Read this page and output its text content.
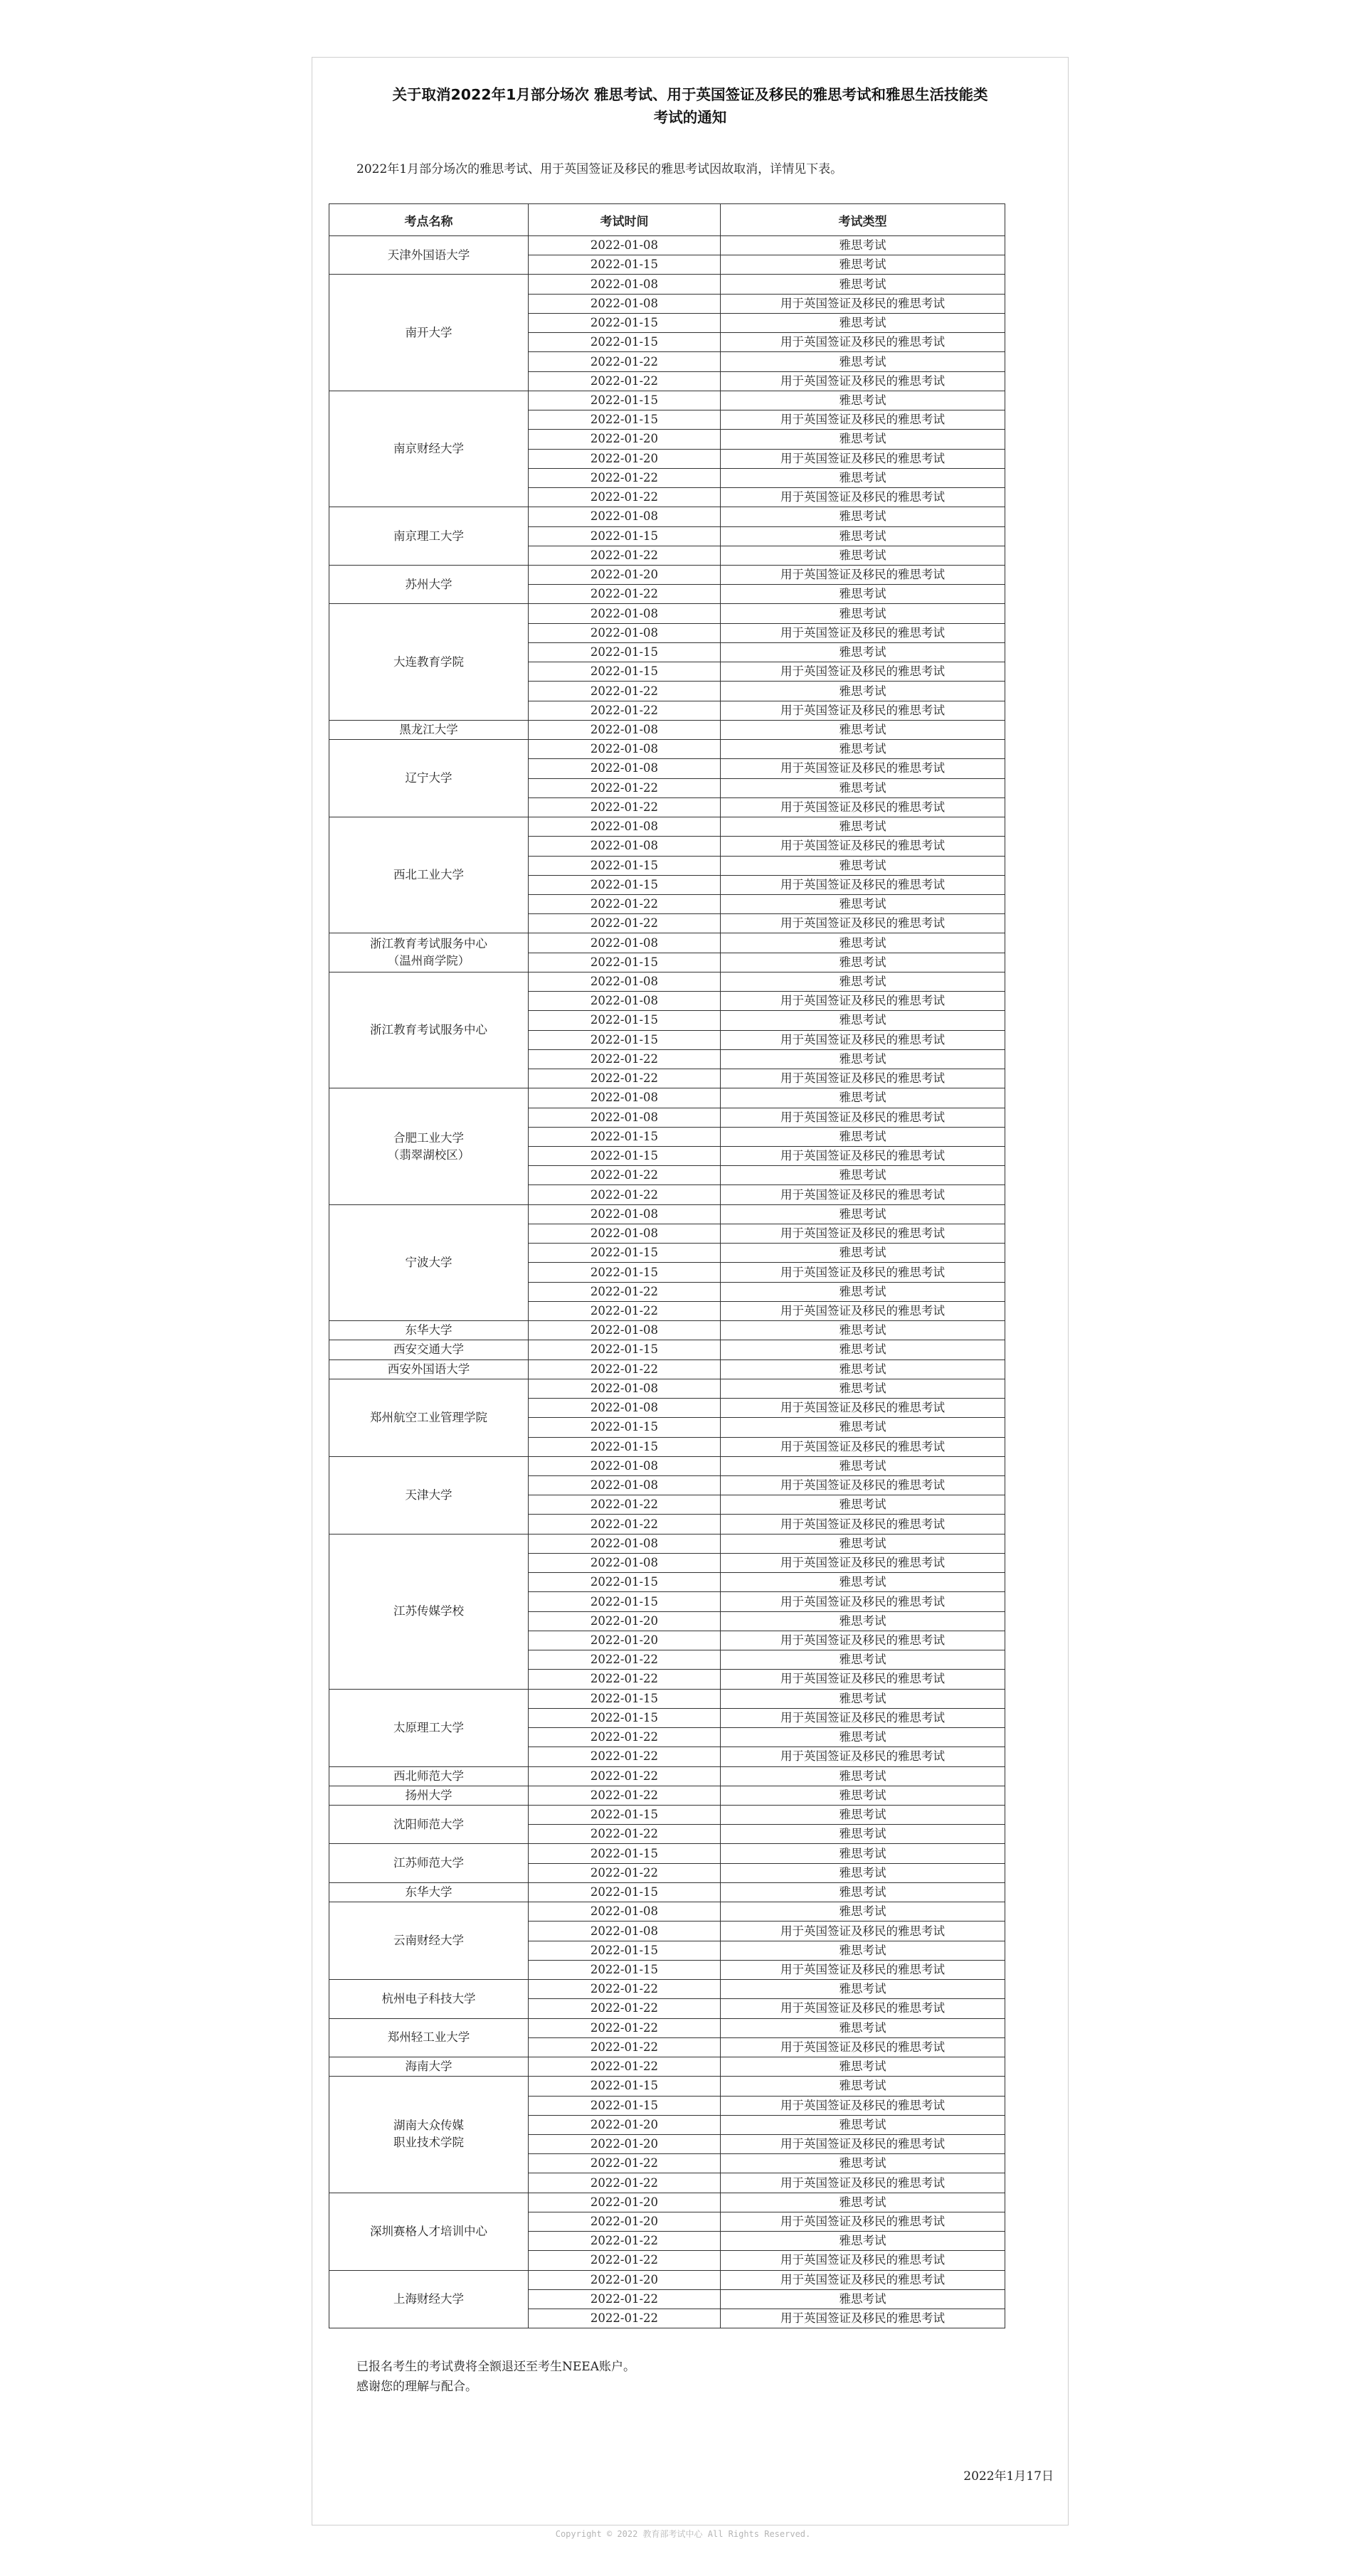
关于取消2022年1月部分场次 雅思考试、用于英国签证及移民的雅思考试和雅思生活技能类
考试的通知
2022年1月部分场次的雅思考试、用于英国签证及移民的雅思考试因故取消，详情见下表。
考点名称	考试时间	考试类型

天津外国语大学	2022-01-08	雅思考试
	2022-01-15	雅思考试

南开大学	2022-01-08	雅思考试
	2022-01-08	用于英国签证及移民的雅思考试
	2022-01-15	雅思考试
	2022-01-15	用于英国签证及移民的雅思考试
	2022-01-22	雅思考试
	2022-01-22	用于英国签证及移民的雅思考试

南京财经大学	2022-01-15	雅思考试
	2022-01-15	用于英国签证及移民的雅思考试
	2022-01-20	雅思考试
	2022-01-20	用于英国签证及移民的雅思考试
	2022-01-22	雅思考试
	2022-01-22	用于英国签证及移民的雅思考试

南京理工大学	2022-01-08	雅思考试
	2022-01-15	雅思考试
	2022-01-22	雅思考试

苏州大学	2022-01-20	用于英国签证及移民的雅思考试
	2022-01-22	雅思考试

大连教育学院	2022-01-08	雅思考试
	2022-01-08	用于英国签证及移民的雅思考试
	2022-01-15	雅思考试
	2022-01-15	用于英国签证及移民的雅思考试
	2022-01-22	雅思考试
	2022-01-22	用于英国签证及移民的雅思考试

黑龙江大学	2022-01-08	雅思考试

辽宁大学	2022-01-08	雅思考试
	2022-01-08	用于英国签证及移民的雅思考试
	2022-01-22	雅思考试
	2022-01-22	用于英国签证及移民的雅思考试

西北工业大学	2022-01-08	雅思考试
	2022-01-08	用于英国签证及移民的雅思考试
	2022-01-15	雅思考试
	2022-01-15	用于英国签证及移民的雅思考试
	2022-01-22	雅思考试
	2022-01-22	用于英国签证及移民的雅思考试

浙江教育考试服务中心
（温州商学院）	2022-01-08	雅思考试
	2022-01-15	雅思考试

浙江教育考试服务中心	2022-01-08	雅思考试
	2022-01-08	用于英国签证及移民的雅思考试
	2022-01-15	雅思考试
	2022-01-15	用于英国签证及移民的雅思考试
	2022-01-22	雅思考试
	2022-01-22	用于英国签证及移民的雅思考试

合肥工业大学
（翡翠湖校区）	2022-01-08	雅思考试
	2022-01-08	用于英国签证及移民的雅思考试
	2022-01-15	雅思考试
	2022-01-15	用于英国签证及移民的雅思考试
	2022-01-22	雅思考试
	2022-01-22	用于英国签证及移民的雅思考试

宁波大学	2022-01-08	雅思考试
	2022-01-08	用于英国签证及移民的雅思考试
	2022-01-15	雅思考试
	2022-01-15	用于英国签证及移民的雅思考试
	2022-01-22	雅思考试
	2022-01-22	用于英国签证及移民的雅思考试

东华大学	2022-01-08	雅思考试

西安交通大学	2022-01-15	雅思考试

西安外国语大学	2022-01-22	雅思考试

郑州航空工业管理学院	2022-01-08	雅思考试
	2022-01-08	用于英国签证及移民的雅思考试
	2022-01-15	雅思考试
	2022-01-15	用于英国签证及移民的雅思考试

天津大学	2022-01-08	雅思考试
	2022-01-08	用于英国签证及移民的雅思考试
	2022-01-22	雅思考试
	2022-01-22	用于英国签证及移民的雅思考试

江苏传媒学校	2022-01-08	雅思考试
	2022-01-08	用于英国签证及移民的雅思考试
	2022-01-15	雅思考试
	2022-01-15	用于英国签证及移民的雅思考试
	2022-01-20	雅思考试
	2022-01-20	用于英国签证及移民的雅思考试
	2022-01-22	雅思考试
	2022-01-22	用于英国签证及移民的雅思考试

太原理工大学	2022-01-15	雅思考试
	2022-01-15	用于英国签证及移民的雅思考试
	2022-01-22	雅思考试
	2022-01-22	用于英国签证及移民的雅思考试

西北师范大学	2022-01-22	雅思考试

扬州大学	2022-01-22	雅思考试

沈阳师范大学	2022-01-15	雅思考试
	2022-01-22	雅思考试

江苏师范大学	2022-01-15	雅思考试
	2022-01-22	雅思考试

东华大学	2022-01-15	雅思考试

云南财经大学	2022-01-08	雅思考试
	2022-01-08	用于英国签证及移民的雅思考试
	2022-01-15	雅思考试
	2022-01-15	用于英国签证及移民的雅思考试

杭州电子科技大学	2022-01-22	雅思考试
	2022-01-22	用于英国签证及移民的雅思考试

郑州轻工业大学	2022-01-22	雅思考试
	2022-01-22	用于英国签证及移民的雅思考试

海南大学	2022-01-22	雅思考试

湖南大众传媒
职业技术学院	2022-01-15	雅思考试
	2022-01-15	用于英国签证及移民的雅思考试
	2022-01-20	雅思考试
	2022-01-20	用于英国签证及移民的雅思考试
	2022-01-22	雅思考试
	2022-01-22	用于英国签证及移民的雅思考试

深圳赛格人才培训中心	2022-01-20	雅思考试
	2022-01-20	用于英国签证及移民的雅思考试
	2022-01-22	雅思考试
	2022-01-22	用于英国签证及移民的雅思考试

上海财经大学	2022-01-20	用于英国签证及移民的雅思考试
	2022-01-22	雅思考试
	2022-01-22	用于英国签证及移民的雅思考试
已报名考生的考试费将全额退还至考生NEEA账户。
感谢您的理解与配合。
2022年1月17日
Copyright © 2022 教育部考试中心 All Rights Reserved.
